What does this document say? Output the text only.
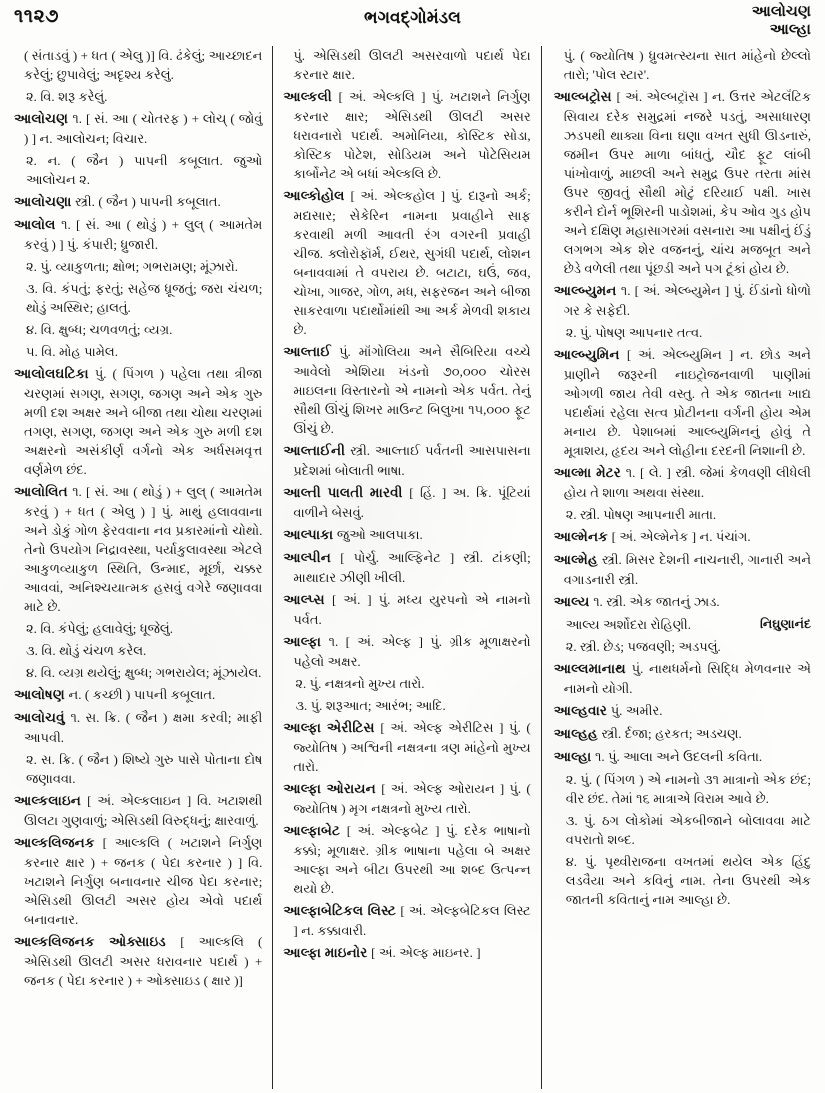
૧૧૨૭	ભગવદ્‌ગોમંડલ	આલોચણ
આલ્હા

( સંતાડવું ) + ધત ( એલુ )] વિ. ઢંકેલું; આચ્છાદન કરેલું; છુપાવેલું; અદૃશ્ય કરેલું.

૨. વિ. શરૂ કરેલું.

આલોચણ ૧. [ સં. આ ( ચોતરફ ) + લોચ્‌ ( જોવું ) ] ન. આલોચન; વિચાર.

૨. ન. ( જૈન ) પાપની કબૂલાત. જુઓ આલોચન ૨.

આલોચણા સ્ત્રી. ( જૈન ) પાપની કબૂલાત.

આલોલ ૧. [ સં. આ ( થોડું ) + લુલ્‌ ( આમતેમ કરવું ) ] પું. કંપારી; ધ્રુજારી.

૨. પું. વ્યાકુળતા; ક્ષોભ; ગભરામણ; મૂંઝારો.

૩. વિ. કંપતું; ફરતું; સહેજ ધ્રૂજતું; જરા ચંચળ; થોડું અસ્થિર; હાલતું.

૪. વિ. ક્ષુબ્ધ; ચળવળતું; વ્યગ્ર.

૫. વિ. મોહ પામેલ.

આલોલઘટિકા પું. ( પિંગળ ) પહેલા તથા ત્રીજા ચરણમાં સગણ, સગણ, જગણ અને એક ગુરુ મળી દશ અક્ષર અને બીજા તથા ચોથા ચરણમાં તગણ, સગણ, જગણ અને એક ગુરુ મળી દશ અક્ષરનો અસંકીર્ણ વર્ગનો એક અર્ધસમવૃત્ત વર્ણમેળ છંદ.

આલોલિત ૧. [ સં. આ ( થોડું ) + લુલ્‌ ( આમતેમ કરવું ) + ધત ( એલુ ) ] પું. માથું હલાવવાના અને ડોકું ગોળ ફેરવવાના નવ પ્રકારમાંનો ચોથો. તેનો ઉપયોગ નિદ્રાવસ્થા, પર્યાકુલાવસ્થા એટલે આકુળવ્યાકુળ સ્થિતિ, ઉન્માદ, મૂર્છા, ચક્કર આવવાં, અનિશ્ચયાત્મક હસવું વગેરે જણાવવા માટે છે.

૨. વિ. કંપેલું; હલાવેલું; ધૂજેલું.

૩. વિ. થોડું ચંચળ કરેલ.

૪. વિ. વ્યગ્ર થયેલું; ક્ષુબ્ધ; ગભરાયેલ; મૂંઝાયેલ.

આલોષણ ન. ( કચ્છી ) પાપની કબૂલાત.

આલોચવું ૧. સ. ક્રિ. ( જૈન ) ક્ષમા કરવી; માફી આપવી.

૨. સ. ક્રિ. ( જૈન ) શિષ્યે ગુરુ પાસે પોતાના દોષ જણાવવા.

આલ્કલાઇન [ અં. એલ્કલાઇન ] વિ. ખટાશથી ઊલટા ગુણવાળું; એસિડથી વિરુદ્ધનું; ક્ષારવાળું.

આલ્કલિજનક [ આલ્કલિ ( ખટાશને નિર્ગુણ કરનાર ક્ષાર ) + જનક ( પેદા કરનાર ) ] વિ. ખટાશને નિર્ગુણ બનાવનાર ચીજ પેદા કરનાર; એસિડથી ઊલટી અસર હોય એવો પદાર્થ બનાવનાર.

આલ્કલિજનક ઓક્સાઇડ [ આલ્કલિ ( એસિડથી ઊલટી અસર ધરાવનાર પદાર્થ ) + જનક ( પેદા કરનાર ) + ઓક્સાઇડ ( ક્ષાર )]

પું. એસિડથી ઊલટી અસરવાળો પદાર્થ પેદા કરનાર ક્ષાર.

આલ્કલી [ અં. એલ્કલિ ] પું. ખટાશને નિર્ગુણ કરનાર ક્ષાર; એસિડથી ઊલટી અસર ધરાવનારો પદાર્થ. અમોનિયા, કોસ્ટિક સોડા, કોસ્ટિક પોટેશ, સોડિયમ અને પોટેસિયમ કાર્બોનેટ એ બધાં એલ્કલિ છે.

આલ્કોહોલ [ અં. એલ્કહોલ ] પું. દારૂનો અર્ક; મદ્યસાર; સેકેરિન નામના પ્રવાહીને સાફ કરવાથી મળી આવતી રંગ વગરની પ્રવાહી ચીજ. ક્લોરોફૉર્મ, ઈથર, સુગંધી પદાર્થ, લોશન બનાવવામાં તે વપરાય છે. બટાટા, ઘઉં, જવ, ચોખા, ગાજર, ગોળ, મધ, સફરજન અને બીજા સાકરવાળા પદાર્થોમાંથી આ અર્ક મેળવી શકાય છે.

આલ્તાઈ પું. મૉંગોલિયા અને સૈબિરિયા વચ્ચે આવેલો એશિયા ખંડનો ૭૦,૦૦૦ ચોરસ માઇલના વિસ્તારનો એ નામનો એક પર્વત. તેનું સૌથી ઊંચું શિખર માઉન્ટ બિલુખા ૧૫,૦૦૦ ફૂટ ઊંચું છે.

આલ્તાઈની સ્ત્રી. આલ્તાઈ પર્વતની આસપાસના પ્રદેશમાં બોલાતી ભાષા.

આલ્તી પાલતી મારવી [ હિં. ] અ. ક્રિ. પૂંટિયાં વાળીને બેસવું.

આલ્પાકા જુઓ આલપાકા.

આલ્પીન [ પોર્ચુ. આલ્ફિનેટ ] સ્ત્રી. ટાંકણી; માથાદાર ઝીણી ખીલી.

આલ્પ્સ [ અં. ] પું. મધ્ય યુરપનો એ નામનો પર્વત.

આલ્ફા ૧. [ અં. એલ્ફ ] પું. ગ્રીક મૂળાક્ષરનો પહેલો અક્ષર.

૨. પું. નક્ષત્રનો મુખ્ય તારો.

૩. પું. શરૂઆત; આરંભ; આદિ.

આલ્ફા એરીટિસ [ અં. એલ્ફ એરીટિસ ] પું. ( જ્યોતિષ ) અશ્વિની નક્ષત્રના ત્રણ માંહેનો મુખ્ય તારો.

આલ્ફા ઓરાયન [ અં. એલ્ફ ઓરાયન ] પું. ( જ્યોતિષ ) મૃગ નક્ષત્રનો મુખ્ય તારો.

આલ્ફાબેટ [ અં. એલ્ફબેટ ] પું. દરેક ભાષાનો કક્કો; મૂળાક્ષર. ગ્રીક ભાષાના પહેલા બે અક્ષર આલ્ફા અને બીટા ઉપરથી આ શબ્દ ઉત્પન્ન થયો છે.

આલ્ફાબેટિકલ લિસ્ટ [ અં. એલ્ફબેટિકલ લિસ્ટ ] ન. કક્કાવારી.

આલ્ફા માઇનોર [ અં. એલ્ફ માઇનર. ]

પું. ( જ્યોતિષ ) ધ્રુવમત્સ્યના સાત માંહેનો છેલ્લો તારો; 'પોલ સ્ટાર'.

આલ્બટ્રોસ [ અં. એલ્બટ્રૉસ ] ન. ઉત્તર એટલૅંટિક સિવાય દરેક સમુદ્રમાં નજરે પડતું, અસાધારણ ઝડપથી થાક્યા વિના ઘણા વખત સુધી ઊડનારું, જમીન ઉપર માળા બાંધતું, ચૌદ ફૂટ લાંબી પાંખોવાળું, માછલી અને સમુદ્ર ઉપર તરતા માંસ ઉપર જીવતું સૌથી મોટું દરિયાઈ પક્ષી. ખાસ કરીને દોર્ન ભૂશિરની પાડોશમાં, કેપ ઓવ ગુડ હોપ અને દક્ષિણ મહાસાગરમાં વસનારા આ પક્ષીનું ઈંડું લગભગ એક શેર વજનનું, ચાંચ મજબૂત અને છેડે વળેલી તથા પૂંછડી અને પગ ટૂંકાં હોય છે.

આલ્બ્યુમન ૧. [ અં. એલ્બ્યુમેન ] પું. ઈંડાંનો ધોળો ગર કે સફેદી.

૨. પું. પોષણ આપનાર તત્વ.

આલ્બ્યુમિન [ અં. એલ્બ્યુમિન ] ન. છોડ અને પ્રાણીને જરૂરની નાઇટ્રોજનવાળી પાણીમાં ઓગળી જાય તેવી વસ્તુ. તે એક જાતના ખાદ્ય પદાર્થમાં રહેલા સત્વ પ્રોટીનના વર્ગની હોય એમ મનાય છે. પેશાબમાં આલ્બ્યુમિનનું હોવું તે મૂત્રાશય, હૃદય અને લોહીના દરદની નિશાની છે.

આલ્મા મેટર ૧. [ લે. ] સ્ત્રી. જેમાં કેળવણી લીધેલી હોય તે શાળા અથવા સંસ્થા.

૨. સ્ત્રી. પોષણ આપનારી માતા.

આલ્મેનક [ અં. એલ્મેનેક ] ન. પંચાંગ.

આલ્મેહ સ્ત્રી. મિસર દેશની નાચનારી, ગાનારી અને વગાડનારી સ્ત્રી.

આલ્ય ૧. સ્ત્રી. એક જાતનું ઝાડ.

નિઘુણાનંદ
આલ્ય અર્શોદરા રોહિણી.

૨. સ્ત્રી. છેડ; પજવણી; અડપલું.

આલ્લમાનાથ પું. નાથધર્મનો સિદ્ધિ મેળવનાર એ નામનો યોગી.

આલ્હવાર પું. અમીર.

આલ્હહ સ્ત્રી. ર્દજા; હરકત; અડચણ.

આલ્હા ૧. પું. આલા અને ઉદલની કવિતા.

૨. પું. ( પિંગળ ) એ નામનો ૩૧ માત્રાનો એક છંદ; વીર છંદ. તેમાં ૧૬ માત્રાએ વિરામ આવે છે.

૩. પું. ઠગ લોકોમાં એકબીજાને બોલાવવા માટે વપરાતો શબ્દ.

૪. પું. પૃથ્વીરાજના વખતમાં થયેલ એક હિંદુ લડવૈયા અને કવિનું નામ. તેના ઉપરથી એક જાતની કવિતાનું નામ આલ્હા છે.
